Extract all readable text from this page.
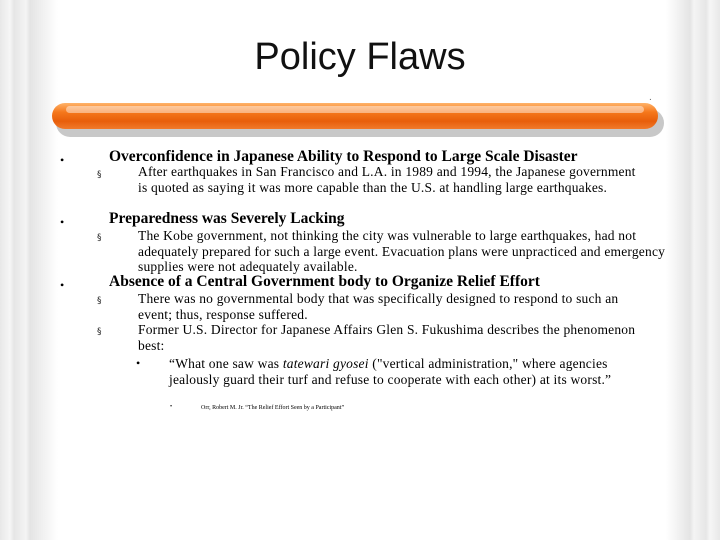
Policy Flaws
.
•	Overconfidence in Japanese Ability to Respond to Large Scale Disaster
§	After earthquakes in San Francisco and L.A. in 1989 and 1994, the Japanese government is quoted as saying it was more capable than the U.S. at handling large earthquakes.
•	Preparedness was Severely Lacking
§	The Kobe government, not thinking the city was vulnerable to large earthquakes, had not adequately prepared for such a large event. Evacuation plans were unpracticed and emergency supplies were not adequately available.
•	Absence of a Central Government body to Organize Relief Effort
§	There was no governmental body that was specifically designed to respond to such an event; thus, response suffered.
§	Former U.S. Director for Japanese Affairs Glen S. Fukushima describes the phenomenon best:
• “What one saw was tatewari gyosei ("vertical administration," where agencies jealously guard their turf and refuse to cooperate with each other) at its worst.”
•	Orr, Robert M. Jr. “The Relief Effort Seen by a Participant”
